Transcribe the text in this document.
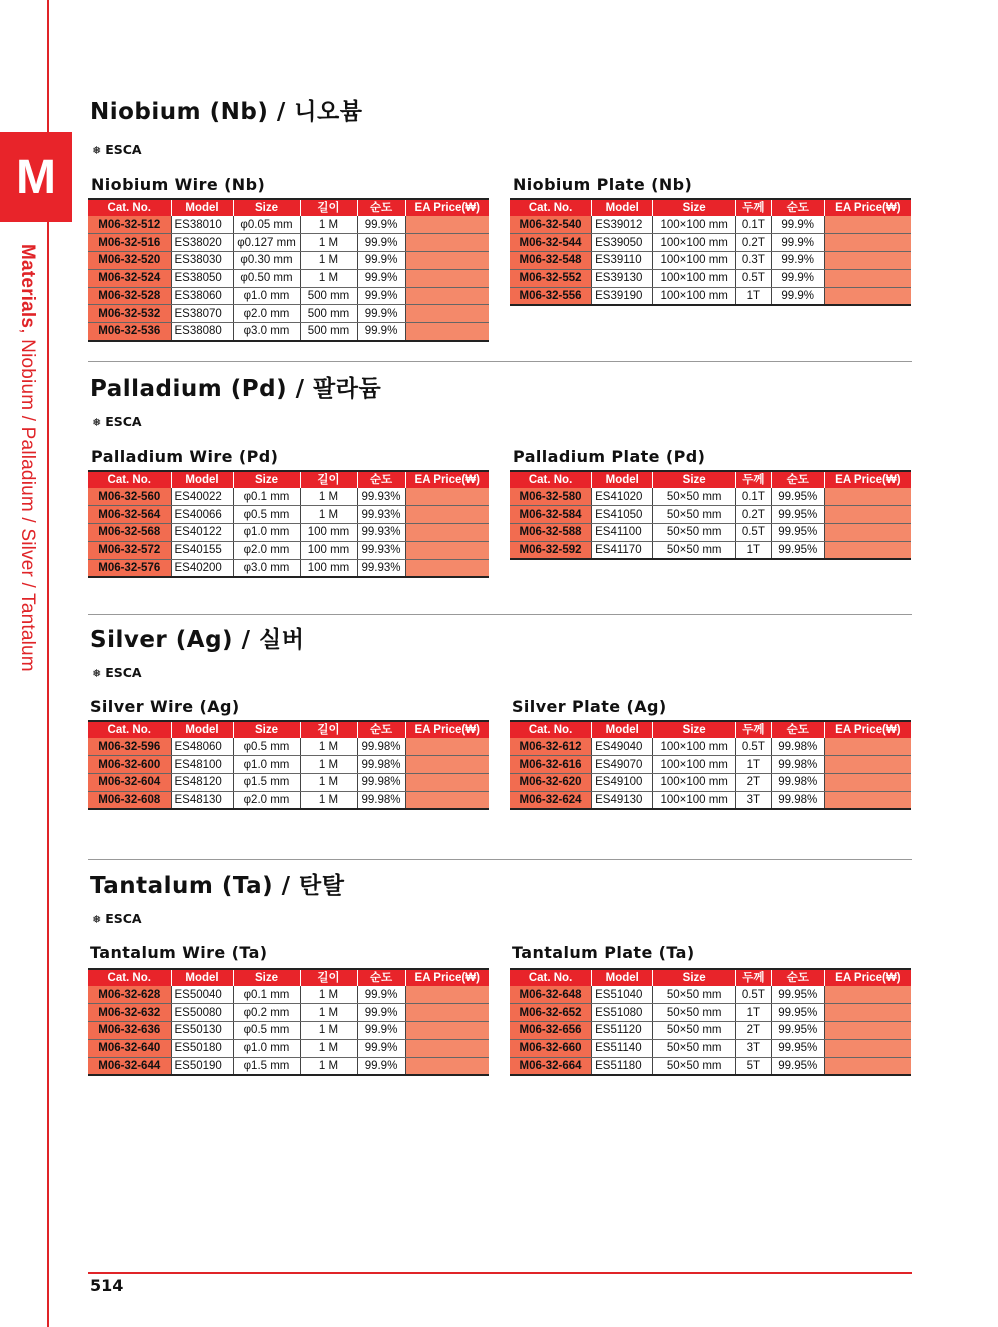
M
Materials, Niobium / Palladium / Silver / Tantalum
Niobium (Nb) / 니오븀
❅ ESCA
Niobium Wire (Nb)	Niobium Plate (Nb)
Cat. No.	Model	Size	길이	순도	EA Price(₩)
M06-32-512	ES38010	φ0.05 mm	1 M	99.9%	
M06-32-516	ES38020	φ0.127 mm	1 M	99.9%	
M06-32-520	ES38030	φ0.30 mm	1 M	99.9%	
M06-32-524	ES38050	φ0.50 mm	1 M	99.9%	
M06-32-528	ES38060	φ1.0 mm	500 mm	99.9%	
M06-32-532	ES38070	φ2.0 mm	500 mm	99.9%	
M06-32-536	ES38080	φ3.0 mm	500 mm	99.9%	
Cat. No.	Model	Size	두께	순도	EA Price(₩)
M06-32-540	ES39012	100×100 mm	0.1T	99.9%	
M06-32-544	ES39050	100×100 mm	0.2T	99.9%	
M06-32-548	ES39110	100×100 mm	0.3T	99.9%	
M06-32-552	ES39130	100×100 mm	0.5T	99.9%	
M06-32-556	ES39190	100×100 mm	1T	99.9%	
Palladium (Pd) / 팔라듐
❅ ESCA
Palladium Wire (Pd)	Palladium Plate (Pd)
Cat. No.	Model	Size	길이	순도	EA Price(₩)
M06-32-560	ES40022	φ0.1 mm	1 M	99.93%	
M06-32-564	ES40066	φ0.5 mm	1 M	99.93%	
M06-32-568	ES40122	φ1.0 mm	100 mm	99.93%	
M06-32-572	ES40155	φ2.0 mm	100 mm	99.93%	
M06-32-576	ES40200	φ3.0 mm	100 mm	99.93%	
Cat. No.	Model	Size	두께	순도	EA Price(₩)
M06-32-580	ES41020	50×50 mm	0.1T	99.95%	
M06-32-584	ES41050	50×50 mm	0.2T	99.95%	
M06-32-588	ES41100	50×50 mm	0.5T	99.95%	
M06-32-592	ES41170	50×50 mm	1T	99.95%	
Silver (Ag) / 실버
❅ ESCA
Silver Wire (Ag)	Silver Plate (Ag)
Cat. No.	Model	Size	길이	순도	EA Price(₩)
M06-32-596	ES48060	φ0.5 mm	1 M	99.98%	
M06-32-600	ES48100	φ1.0 mm	1 M	99.98%	
M06-32-604	ES48120	φ1.5 mm	1 M	99.98%	
M06-32-608	ES48130	φ2.0 mm	1 M	99.98%	
Cat. No.	Model	Size	두께	순도	EA Price(₩)
M06-32-612	ES49040	100×100 mm	0.5T	99.98%	
M06-32-616	ES49070	100×100 mm	1T	99.98%	
M06-32-620	ES49100	100×100 mm	2T	99.98%	
M06-32-624	ES49130	100×100 mm	3T	99.98%	
Tantalum (Ta) / 탄탈
❅ ESCA
Tantalum Wire (Ta)	Tantalum Plate (Ta)
Cat. No.	Model	Size	길이	순도	EA Price(₩)
M06-32-628	ES50040	φ0.1 mm	1 M	99.9%	
M06-32-632	ES50080	φ0.2 mm	1 M	99.9%	
M06-32-636	ES50130	φ0.5 mm	1 M	99.9%	
M06-32-640	ES50180	φ1.0 mm	1 M	99.9%	
M06-32-644	ES50190	φ1.5 mm	1 M	99.9%	
Cat. No.	Model	Size	두께	순도	EA Price(₩)
M06-32-648	ES51040	50×50 mm	0.5T	99.95%	
M06-32-652	ES51080	50×50 mm	1T	99.95%	
M06-32-656	ES51120	50×50 mm	2T	99.95%	
M06-32-660	ES51140	50×50 mm	3T	99.95%	
M06-32-664	ES51180	50×50 mm	5T	99.95%	
514
